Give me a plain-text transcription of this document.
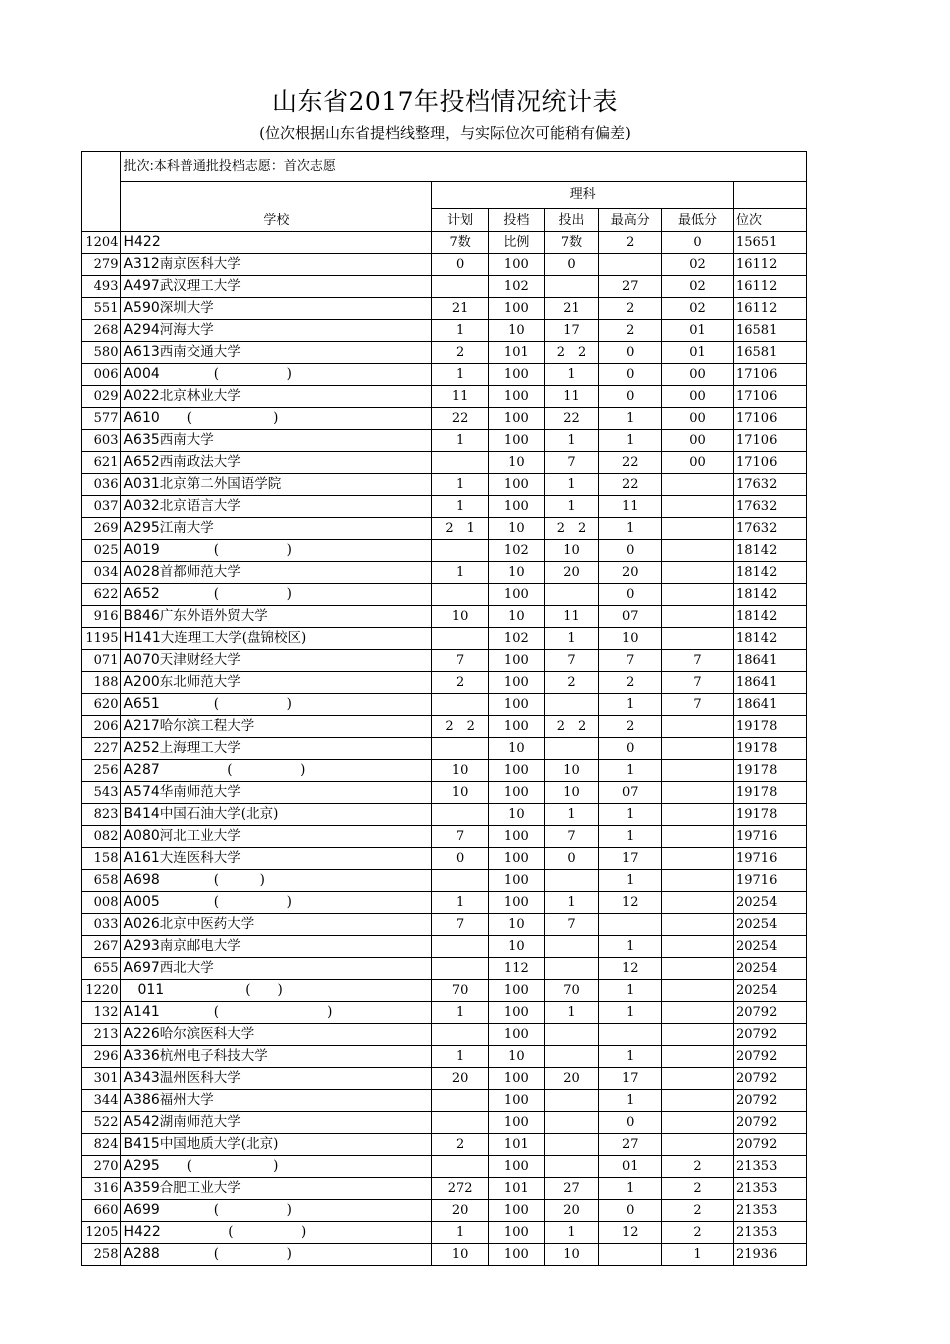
山东省2017年投档情况统计表
(位次根据山东省提档线整理，与实际位次可能稍有偏差)
	批次:本科普通批投档志愿：首次志愿						
	学校	理科					
		计划	投档	投出	最高分	最低分	位次
1204	H422	7数	比例	7数	2	0	15651
279	A312南京医科大学	0	100	0		02	16112
493	A497武汉理工大学		102		27	02	16112
551	A590深圳大学	21	100	21	2	02	16112
268	A294河海大学	1	10	17	2	01	16581
580	A613西南交通大学	2	101	2　2	0	01	16581
006	A004　　　　(　　　　　)	1	100	1	0	00	17106
029	A022北京林业大学	11	100	11	0	00	17106
577	A610　　(　　　　　　)	22	100	22	1	00	17106
603	A635西南大学	1	100	1	1	00	17106
621	A652西南政法大学		10	7	22	00	17106
036	A031北京第二外国语学院	1	100	1	22		17632
037	A032北京语言大学	1	100	1	11		17632
269	A295江南大学	2　1	10	2　2	1		17632
025	A019　　　　(　　　　　)		102	10	0		18142
034	A028首都师范大学	1	10	20	20		18142
622	A652　　　　(　　　　　)		100		0		18142
916	B846广东外语外贸大学	10	10	11	07		18142
1195	H141大连理工大学(盘锦校区)		102	1	10		18142
071	A070天津财经大学	7	100	7	7	7	18641
188	A200东北师范大学	2	100	2	2	7	18641
620	A651　　　　(　　　　　)		100		1	7	18641
206	A217哈尔滨工程大学	2　2	100	2　2	2		19178
227	A252上海理工大学		10		0		19178
256	A287　　　　　(　　　　　)	10	100	10	1		19178
543	A574华南师范大学	10	100	10	07		19178
823	B414中国石油大学(北京)		10	1	1		19178
082	A080河北工业大学	7	100	7	1		19716
158	A161大连医科大学	0	100	0	17		19716
658	A698　　　　(　　　)		100		1		19716
008	A005　　　　(　　　　　)	1	100	1	12		20254
033	A026北京中医药大学	7	10	7			20254
267	A293南京邮电大学		10		1		20254
655	A697西北大学		112		12		20254
1220	　011　　　　　　(　　)	70	100	70	1		20254
132	A141　　　　(　　　　　　　　)	1	100	1	1		20792
213	A226哈尔滨医科大学		100				20792
296	A336杭州电子科技大学	1	10		1		20792
301	A343温州医科大学	20	100	20	17		20792
344	A386福州大学		100		1		20792
522	A542湖南师范大学		100		0		20792
824	B415中国地质大学(北京)	2	101		27		20792
270	A295　　(　　　　　　)		100		01	2	21353
316	A359合肥工业大学	272	101	27	1	2	21353
660	A699　　　　(　　　　　)	20	100	20	0	2	21353
1205	H422　　　　　(　　　　　)	1	100	1	12	2	21353
258	A288　　　　(　　　　　)	10	100	10		1	21936
